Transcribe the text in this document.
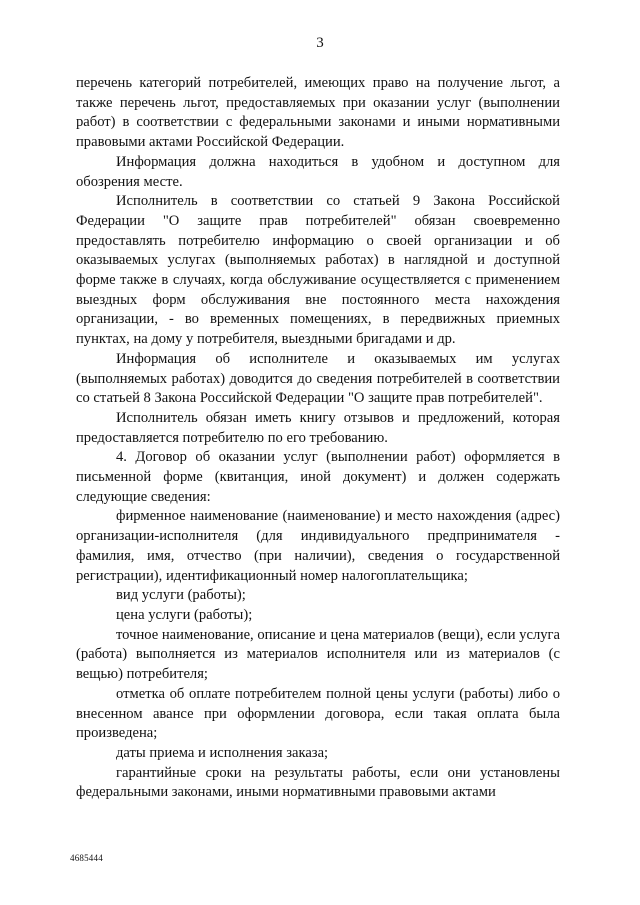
3

перечень категорий потребителей, имеющих право на получение льгот, а также перечень льгот, предоставляемых при оказании услуг (выполнении работ) в соответствии с федеральными законами и иными нормативными правовыми актами Российской Федерации.

Информация должна находиться в удобном и доступном для обозрения месте.

Исполнитель в соответствии со статьей 9 Закона Российской Федерации "О защите прав потребителей" обязан своевременно предоставлять потребителю информацию о своей организации и об оказываемых услугах (выполняемых работах) в наглядной и доступной форме также в случаях, когда обслуживание осуществляется с применением выездных форм обслуживания вне постоянного места нахождения организации, - во временных помещениях, в передвижных приемных пунктах, на дому у потребителя, выездными бригадами и др.

Информация об исполнителе и оказываемых им услугах (выполняемых работах) доводится до сведения потребителей в соответствии со статьей 8 Закона Российской Федерации "О защите прав потребителей".

Исполнитель обязан иметь книгу отзывов и предложений, которая предоставляется потребителю по его требованию.

4. Договор об оказании услуг (выполнении работ) оформляется в письменной форме (квитанция, иной документ) и должен содержать следующие сведения:

фирменное наименование (наименование) и место нахождения (адрес) организации-исполнителя (для индивидуального предпринимателя - фамилия, имя, отчество (при наличии), сведения о государственной регистрации), идентификационный номер налогоплательщика;

вид услуги (работы);

цена услуги (работы);

точное наименование, описание и цена материалов (вещи), если услуга (работа) выполняется из материалов исполнителя или из материалов (с вещью) потребителя;

отметка об оплате потребителем полной цены услуги (работы) либо о внесенном авансе при оформлении договора, если такая оплата была произведена;

даты приема и исполнения заказа;

гарантийные сроки на результаты работы, если они установлены федеральными законами, иными нормативными правовыми актами

4685444
